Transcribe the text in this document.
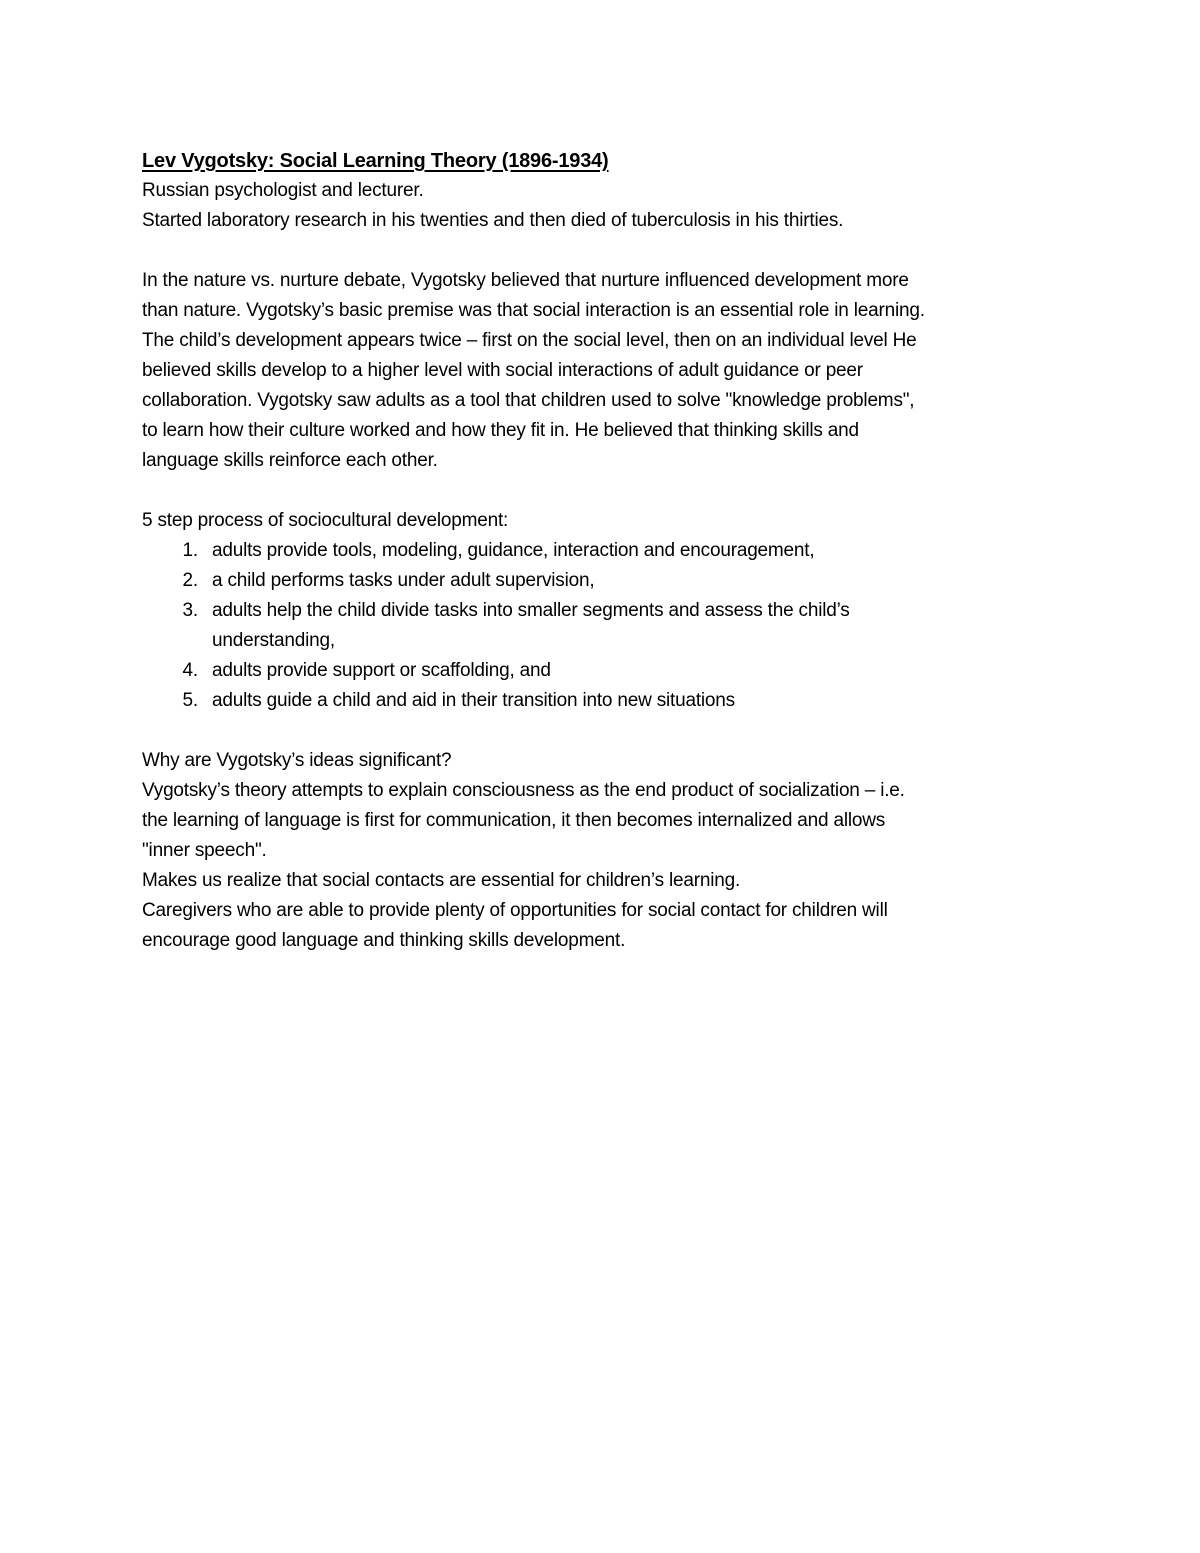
Lev Vygotsky: Social Learning Theory (1896-1934)

Russian psychologist and lecturer.

Started laboratory research in his twenties and then died of tuberculosis in his thirties.

In the nature vs. nurture debate, Vygotsky believed that nurture influenced development more

than nature. Vygotsky’s basic premise was that social interaction is an essential role in learning.

The child’s development appears twice – first on the social level, then on an individual level He

believed skills develop to a higher level with social interactions of adult guidance or peer

collaboration. Vygotsky saw adults as a tool that children used to solve "knowledge problems",

to learn how their culture worked and how they fit in. He believed that thinking skills and

language skills reinforce each other.

5 step process of sociocultural development:

1. adults provide tools, modeling, guidance, interaction and encouragement,
2. a child performs tasks under adult supervision,
3. adults help the child divide tasks into smaller segments and assess the child’s
understanding,
4. adults provide support or scaffolding, and
5. adults guide a child and aid in their transition into new situations

Why are Vygotsky’s ideas significant?

Vygotsky’s theory attempts to explain consciousness as the end product of socialization – i.e.

the learning of language is first for communication, it then becomes internalized and allows

"inner speech".

Makes us realize that social contacts are essential for children’s learning.

Caregivers who are able to provide plenty of opportunities for social contact for children will

encourage good language and thinking skills development.
